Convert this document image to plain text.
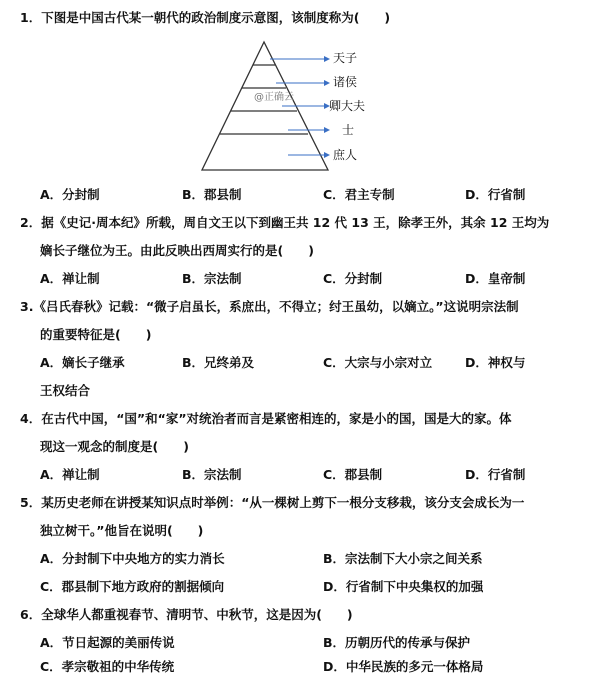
1．下图是中国古代某一朝代的政治制度示意图，该制度称为(　　)
天子
诸侯
卿大夫
士
庶人
@正确云
A．分封制	B．郡县制	C．君主专制	D．行省制
2．据《史记·周本纪》所载，周自文王以下到幽王共 12 代 13 王，除孝王外，其余 12 王均为
嫡长子继位为王。由此反映出西周实行的是(　　)
A．禅让制	B．宗法制	C．分封制	D．皇帝制
3.《吕氏春秋》记载：“微子启虽长，系庶出，不得立；纣王虽幼，以嫡立。”这说明宗法制
的重要特征是(　　)
A．嫡长子继承	B．兄终弟及	C．大宗与小宗对立	D．神权与
王权结合
4．在古代中国，“国”和“家”对统治者而言是紧密相连的，家是小的国，国是大的家。体
现这一观念的制度是(　　)
A．禅让制	B．宗法制	C．郡县制	D．行省制
5．某历史老师在讲授某知识点时举例：“从一棵树上剪下一根分支移栽，该分支会成长为一
独立树干。”他旨在说明(　　)
A．分封制下中央地方的实力消长	B．宗法制下大小宗之间关系
C．郡县制下地方政府的割据倾向	D．行省制下中央集权的加强
6．全球华人都重视春节、清明节、中秋节，这是因为(　　)
A．节日起源的美丽传说	B．历朝历代的传承与保护
C．孝宗敬祖的中华传统	D．中华民族的多元一体格局
